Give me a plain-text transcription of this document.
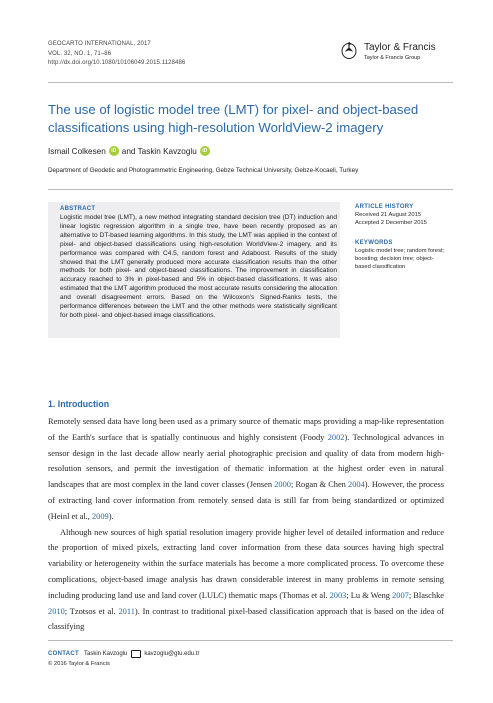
GEOCARTO INTERNATIONAL, 2017
VOL. 32, NO. 1, 71–86
http://dx.doi.org/10.1080/10106049.2015.1128486
Taylor & Francis
Taylor & Francis Group
The use of logistic model tree (LMT) for pixel- and object-based classifications using high-resolution WorldView-2 imagery
Ismail Colkesen	iD and Taskin Kavzoglu	iD
Department of Geodetic and Photogrammetric Engineering, Gebze Technical University, Gebze-Kocaeli, Turkey
ABSTRACT
Logistic model tree (LMT), a new method integrating standard decision tree (DT) induction and linear logistic regression algorithm in a single tree, have been recently proposed as an alternative to DT-based learning algorithms. In this study, the LMT was applied in the context of pixel- and object-based classifications using high-resolution WorldView-2 imagery, and its performance was compared with C4.5, random forest and Adaboost. Results of the study showed that the LMT generally produced more accurate classification results than the other methods for both pixel- and object-based classifications. The improvement in classification accuracy reached to 3% in pixel-based and 5% in object-based classifications. It was also estimated that the LMT algorithm produced the most accurate results considering the allocation and overall disagreement errors. Based on the Wilcoxon's Signed-Ranks tests, the performance differences between the LMT and the other methods were statistically significant for both pixel- and object-based image classifications.
ARTICLE HISTORY
Received 21 August 2015
Accepted 2 December 2015
KEYWORDS
Logistic model tree; random forest; boosting; decision tree; object-based classification
1. Introduction

Remotely sensed data have long been used as a primary source of thematic maps providing a map-like representation of the Earth's surface that is spatially continuous and highly consistent (Foody 2002). Technological advances in sensor design in the last decade allow nearly aerial photographic precision and quality of data from modern high-resolution sensors, and permit the investigation of thematic information at the highest order even in natural landscapes that are most complex in the land cover classes (Jensen 2000; Rogan & Chen 2004). However, the process of extracting land cover information from remotely sensed data is still far from being standardized or optimized (Heinl et al., 2009).

Although new sources of high spatial resolution imagery provide higher level of detailed information and reduce the proportion of mixed pixels, extracting land cover information from these data sources having high spectral variability or heterogeneity within the surface materials has become a more complicated process. To overcome these complications, object-based image analysis has drawn considerable interest in many problems in remote sensing including producing land use and land cover (LULC) thematic maps (Thomas et al. 2003; Lu & Weng 2007; Blaschke 2010; Tzotsos et al. 2011). In contrast to traditional pixel-based classification approach that is based on the idea of classifying

CONTACT Taskin Kavzoglu	kavzoglu@gtu.edu.tr
© 2016 Taylor & Francis
